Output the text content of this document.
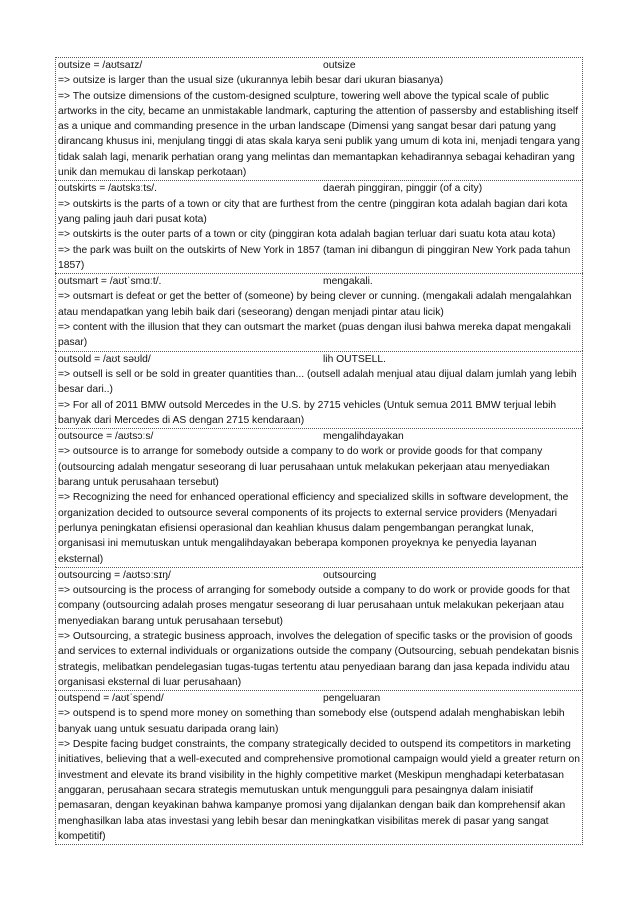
outsize = /aʊtsaɪz/	outsize
=> outsize is larger than the usual size (ukurannya lebih besar dari ukuran biasanya)
=> The outsize dimensions of the custom-designed sculpture, towering well above the typical scale of public artworks in the city, became an unmistakable landmark, capturing the attention of passersby and establishing itself as a unique and commanding presence in the urban landscape (Dimensi yang sangat besar dari patung yang dirancang khusus ini, menjulang tinggi di atas skala karya seni publik yang umum di kota ini, menjadi tengara yang tidak salah lagi, menarik perhatian orang yang melintas dan memantapkan kehadirannya sebagai kehadiran yang unik dan memukau di lanskap perkotaan)
outskirts = /aʊtskɜːts/.	daerah pinggiran, pinggir (of a city)
=> outskirts is the parts of a town or city that are furthest from the centre (pinggiran kota adalah bagian dari kota yang paling jauh dari pusat kota)
=> outskirts is the outer parts of a town or city (pinggiran kota adalah bagian terluar dari suatu kota atau kota)
=> the park was built on the outskirts of New York in 1857 (taman ini dibangun di pinggiran New York pada tahun 1857)
outsmart = /aʊtˈsmɑːt/.	mengakali.
=> outsmart is defeat or get the better of (someone) by being clever or cunning. (mengakali adalah mengalahkan atau mendapatkan yang lebih baik dari (seseorang) dengan menjadi pintar atau licik)
=> content with the illusion that they can outsmart the market (puas dengan ilusi bahwa mereka dapat mengakali pasar)
outsold = /aʊt səʊld/	lih OUTSELL.
=> outsell is sell or be sold in greater quantities than... (outsell adalah menjual atau dijual dalam jumlah yang lebih besar dari..)
=> For all of 2011 BMW outsold Mercedes in the U.S. by 2715 vehicles (Untuk semua 2011 BMW terjual lebih banyak dari Mercedes di AS dengan 2715 kendaraan)
outsource = /aʊtsɔːs/	mengalihdayakan
=> outsource is to arrange for somebody outside a company to do work or provide goods for that company (outsourcing adalah mengatur seseorang di luar perusahaan untuk melakukan pekerjaan atau menyediakan barang untuk perusahaan tersebut)
=> Recognizing the need for enhanced operational efficiency and specialized skills in software development, the organization decided to outsource several components of its projects to external service providers (Menyadari perlunya peningkatan efisiensi operasional dan keahlian khusus dalam pengembangan perangkat lunak, organisasi ini memutuskan untuk mengalihdayakan beberapa komponen proyeknya ke penyedia layanan eksternal)
outsourcing = /aʊtsɔːsɪŋ/	outsourcing
=> outsourcing is the process of arranging for somebody outside a company to do work or provide goods for that company (outsourcing adalah proses mengatur seseorang di luar perusahaan untuk melakukan pekerjaan atau menyediakan barang untuk perusahaan tersebut)
=> Outsourcing, a strategic business approach, involves the delegation of specific tasks or the provision of goods and services to external individuals or organizations outside the company (Outsourcing, sebuah pendekatan bisnis strategis, melibatkan pendelegasian tugas-tugas tertentu atau penyediaan barang dan jasa kepada individu atau organisasi eksternal di luar perusahaan)
outspend = /aʊtˈspend/	pengeluaran
=> outspend is to spend more money on something than somebody else (outspend adalah menghabiskan lebih banyak uang untuk sesuatu daripada orang lain)
=> Despite facing budget constraints, the company strategically decided to outspend its competitors in marketing initiatives, believing that a well-executed and comprehensive promotional campaign would yield a greater return on investment and elevate its brand visibility in the highly competitive market (Meskipun menghadapi keterbatasan anggaran, perusahaan secara strategis memutuskan untuk mengungguli para pesaingnya dalam inisiatif pemasaran, dengan keyakinan bahwa kampanye promosi yang dijalankan dengan baik dan komprehensif akan menghasilkan laba atas investasi yang lebih besar dan meningkatkan visibilitas merek di pasar yang sangat kompetitif)
